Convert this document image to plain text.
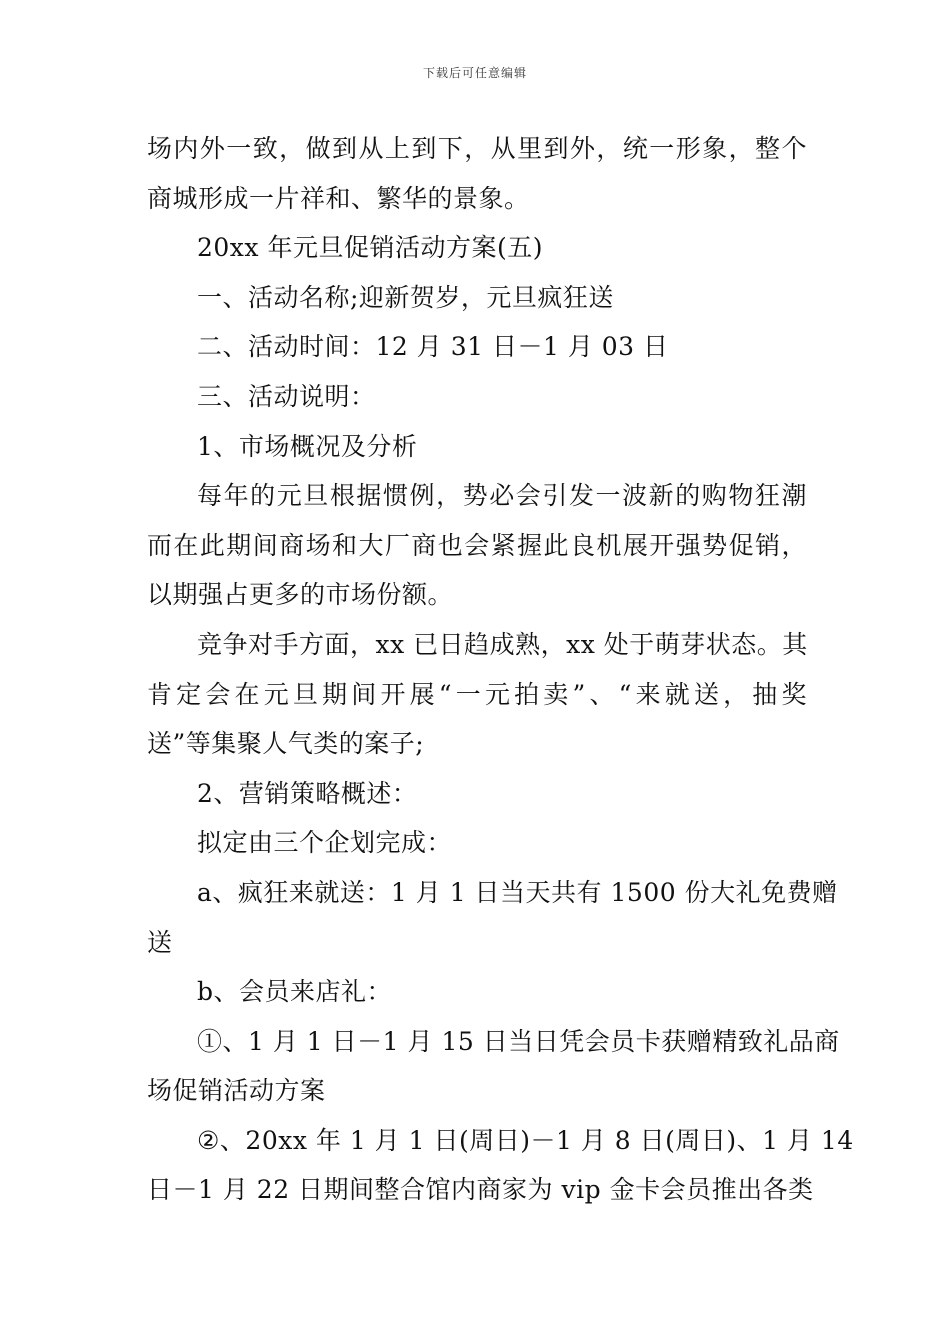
下载后可任意编辑
场内外一致，做到从上到下，从里到外，统一形象，整个
商城形成一片祥和、繁华的景象。
20xx 年元旦促销活动方案(五)
一、活动名称;迎新贺岁，元旦疯狂送
二、活动时间：12 月 31 日－1 月 03 日
三、活动说明：
1、市场概况及分析
每年的元旦根据惯例，势必会引发一波新的购物狂潮
而在此期间商场和大厂商也会紧握此良机展开强势促销，
以期强占更多的市场份额。
竞争对手方面，xx 已日趋成熟，xx 处于萌芽状态。其
肯定会在元旦期间开展“一元拍卖”、“来就送，抽奖
送”等集聚人气类的案子;
2、营销策略概述：
拟定由三个企划完成：
a、疯狂来就送：1 月 1 日当天共有 1500 份大礼免费赠
送
b、会员来店礼：
①、1 月 1 日－1 月 15 日当日凭会员卡获赠精致礼品商
场促销活动方案
②、20xx 年 1 月 1 日(周日)－1 月 8 日(周日)、1 月 14
日－1 月 22 日期间整合馆内商家为 vip 金卡会员推出各类
